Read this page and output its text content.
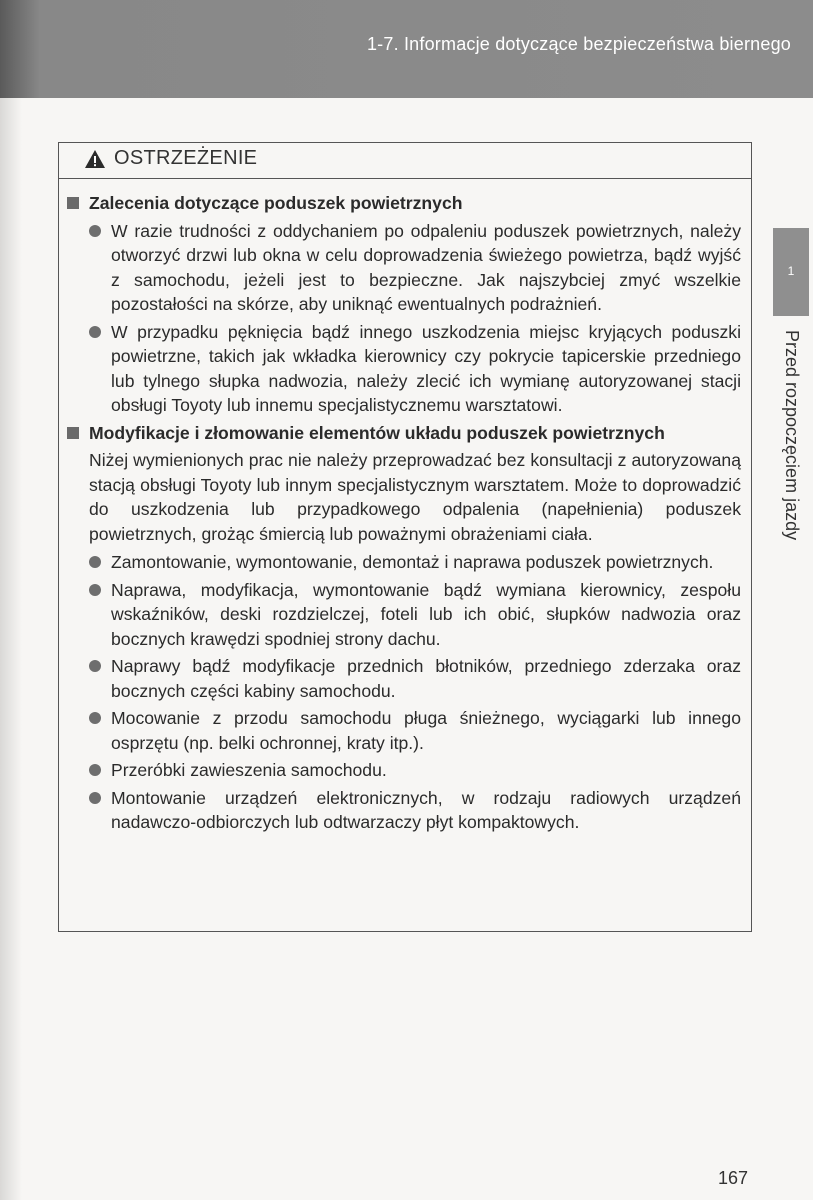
1-7. Informacje dotyczące bezpieczeństwa biernego
1
Przed rozpoczęciem jazdy
OSTRZEŻENIE
Zalecenia dotyczące poduszek powietrznych
W razie trudności z oddychaniem po odpaleniu poduszek powietrznych, należy otworzyć drzwi lub okna w celu doprowadzenia świeżego powietrza, bądź wyjść z samochodu, jeżeli jest to bezpieczne. Jak najszybciej zmyć wszelkie pozostałości na skórze, aby uniknąć ewentualnych podrażnień.
W przypadku pęknięcia bądź innego uszkodzenia miejsc kryjących poduszki powietrzne, takich jak wkładka kierownicy czy pokrycie tapicerskie przedniego lub tylnego słupka nadwozia, należy zlecić ich wymianę autoryzowanej stacji obsługi Toyoty lub innemu specjalistycznemu warsztatowi.
Modyfikacje i złomowanie elementów układu poduszek powietrznych
Niżej wymienionych prac nie należy przeprowadzać bez konsultacji z autoryzowaną stacją obsługi Toyoty lub innym specjalistycznym warsztatem. Może to doprowadzić do uszkodzenia lub przypadkowego odpalenia (napełnienia) poduszek powietrznych, grożąc śmiercią lub poważnymi obrażeniami ciała.
Zamontowanie, wymontowanie, demontaż i naprawa poduszek powietrznych.
Naprawa, modyfikacja, wymontowanie bądź wymiana kierownicy, zespołu wskaźników, deski rozdzielczej, foteli lub ich obić, słupków nadwozia oraz bocznych krawędzi spodniej strony dachu.
Naprawy bądź modyfikacje przednich błotników, przedniego zderzaka oraz bocznych części kabiny samochodu.
Mocowanie z przodu samochodu pługa śnieżnego, wyciągarki lub innego osprzętu (np. belki ochronnej, kraty itp.).
Przeróbki zawieszenia samochodu.
Montowanie urządzeń elektronicznych, w rodzaju radiowych urządzeń nadawczo-odbiorczych lub odtwarzaczy płyt kompaktowych.
167
